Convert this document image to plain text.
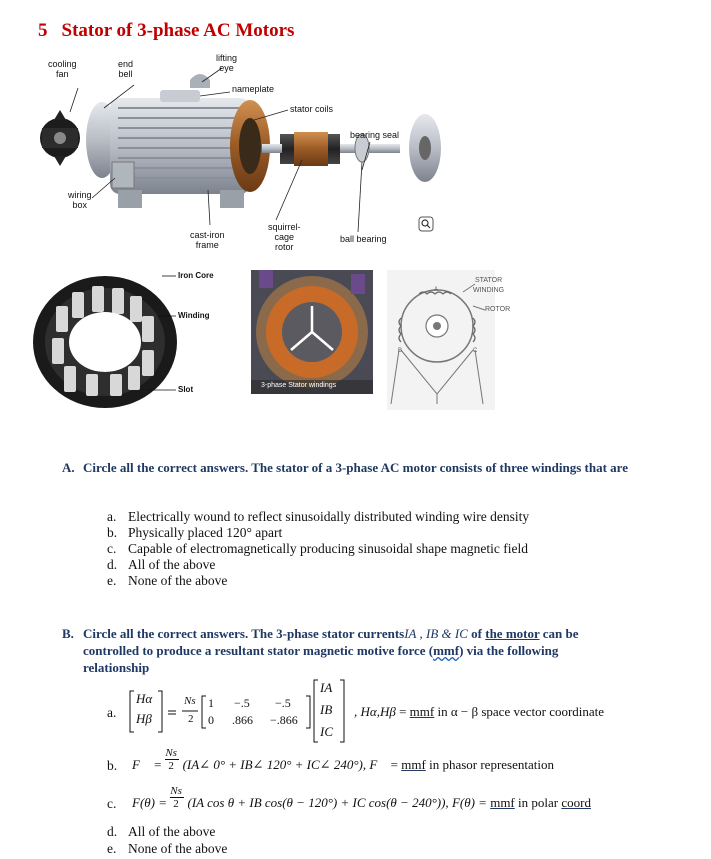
5 Stator of 3-phase AC Motors
cooling
fan
end
bell
lifting
eye
nameplate
stator coils
bearing seal
wiring
box
cast-iron
frame
squirrel-
cage
rotor
ball bearing
Iron Core
Winding
Slot	3-phase Stator windings
STATOR
WINDING
ROTOR
A
B	C
A. Circle all the correct answers. The stator of a 3-phase AC motor consists of three windings that are
a. Electrically wound to reflect sinusoidally distributed winding wire density
b. Physically placed 120° apart
c. Capable of electromagnetically producing sinusoidal shape magnetic field
d. All of the above
e. None of the above
B. Circle all the correct answers. The 3-phase stator currentsIA , IB & IC of the motor can be
controlled to produce a resultant stator magnetic motive force (mmf) via the following
relationship
a.
Hα
Hβ
Ns
2
1 −.5 −.5
0 .866 −.866
IA
IB
IC
, Hα,Hβ = mmf in α − β space vector coordinate
b. F⃗ = $\frac{Ns}{2}$ (IA∠ 0° + IB∠ 120° + IC∠ 240°), F⃗ = mmf in phasor representation
c. $F(\theta) = \frac{Ns}{2} (IA$ cos θ + IB cos(θ − 120°) + IC cos(θ − 240°)), F(θ) = mmf in polar coord
d. All of the above
e. None of the above
